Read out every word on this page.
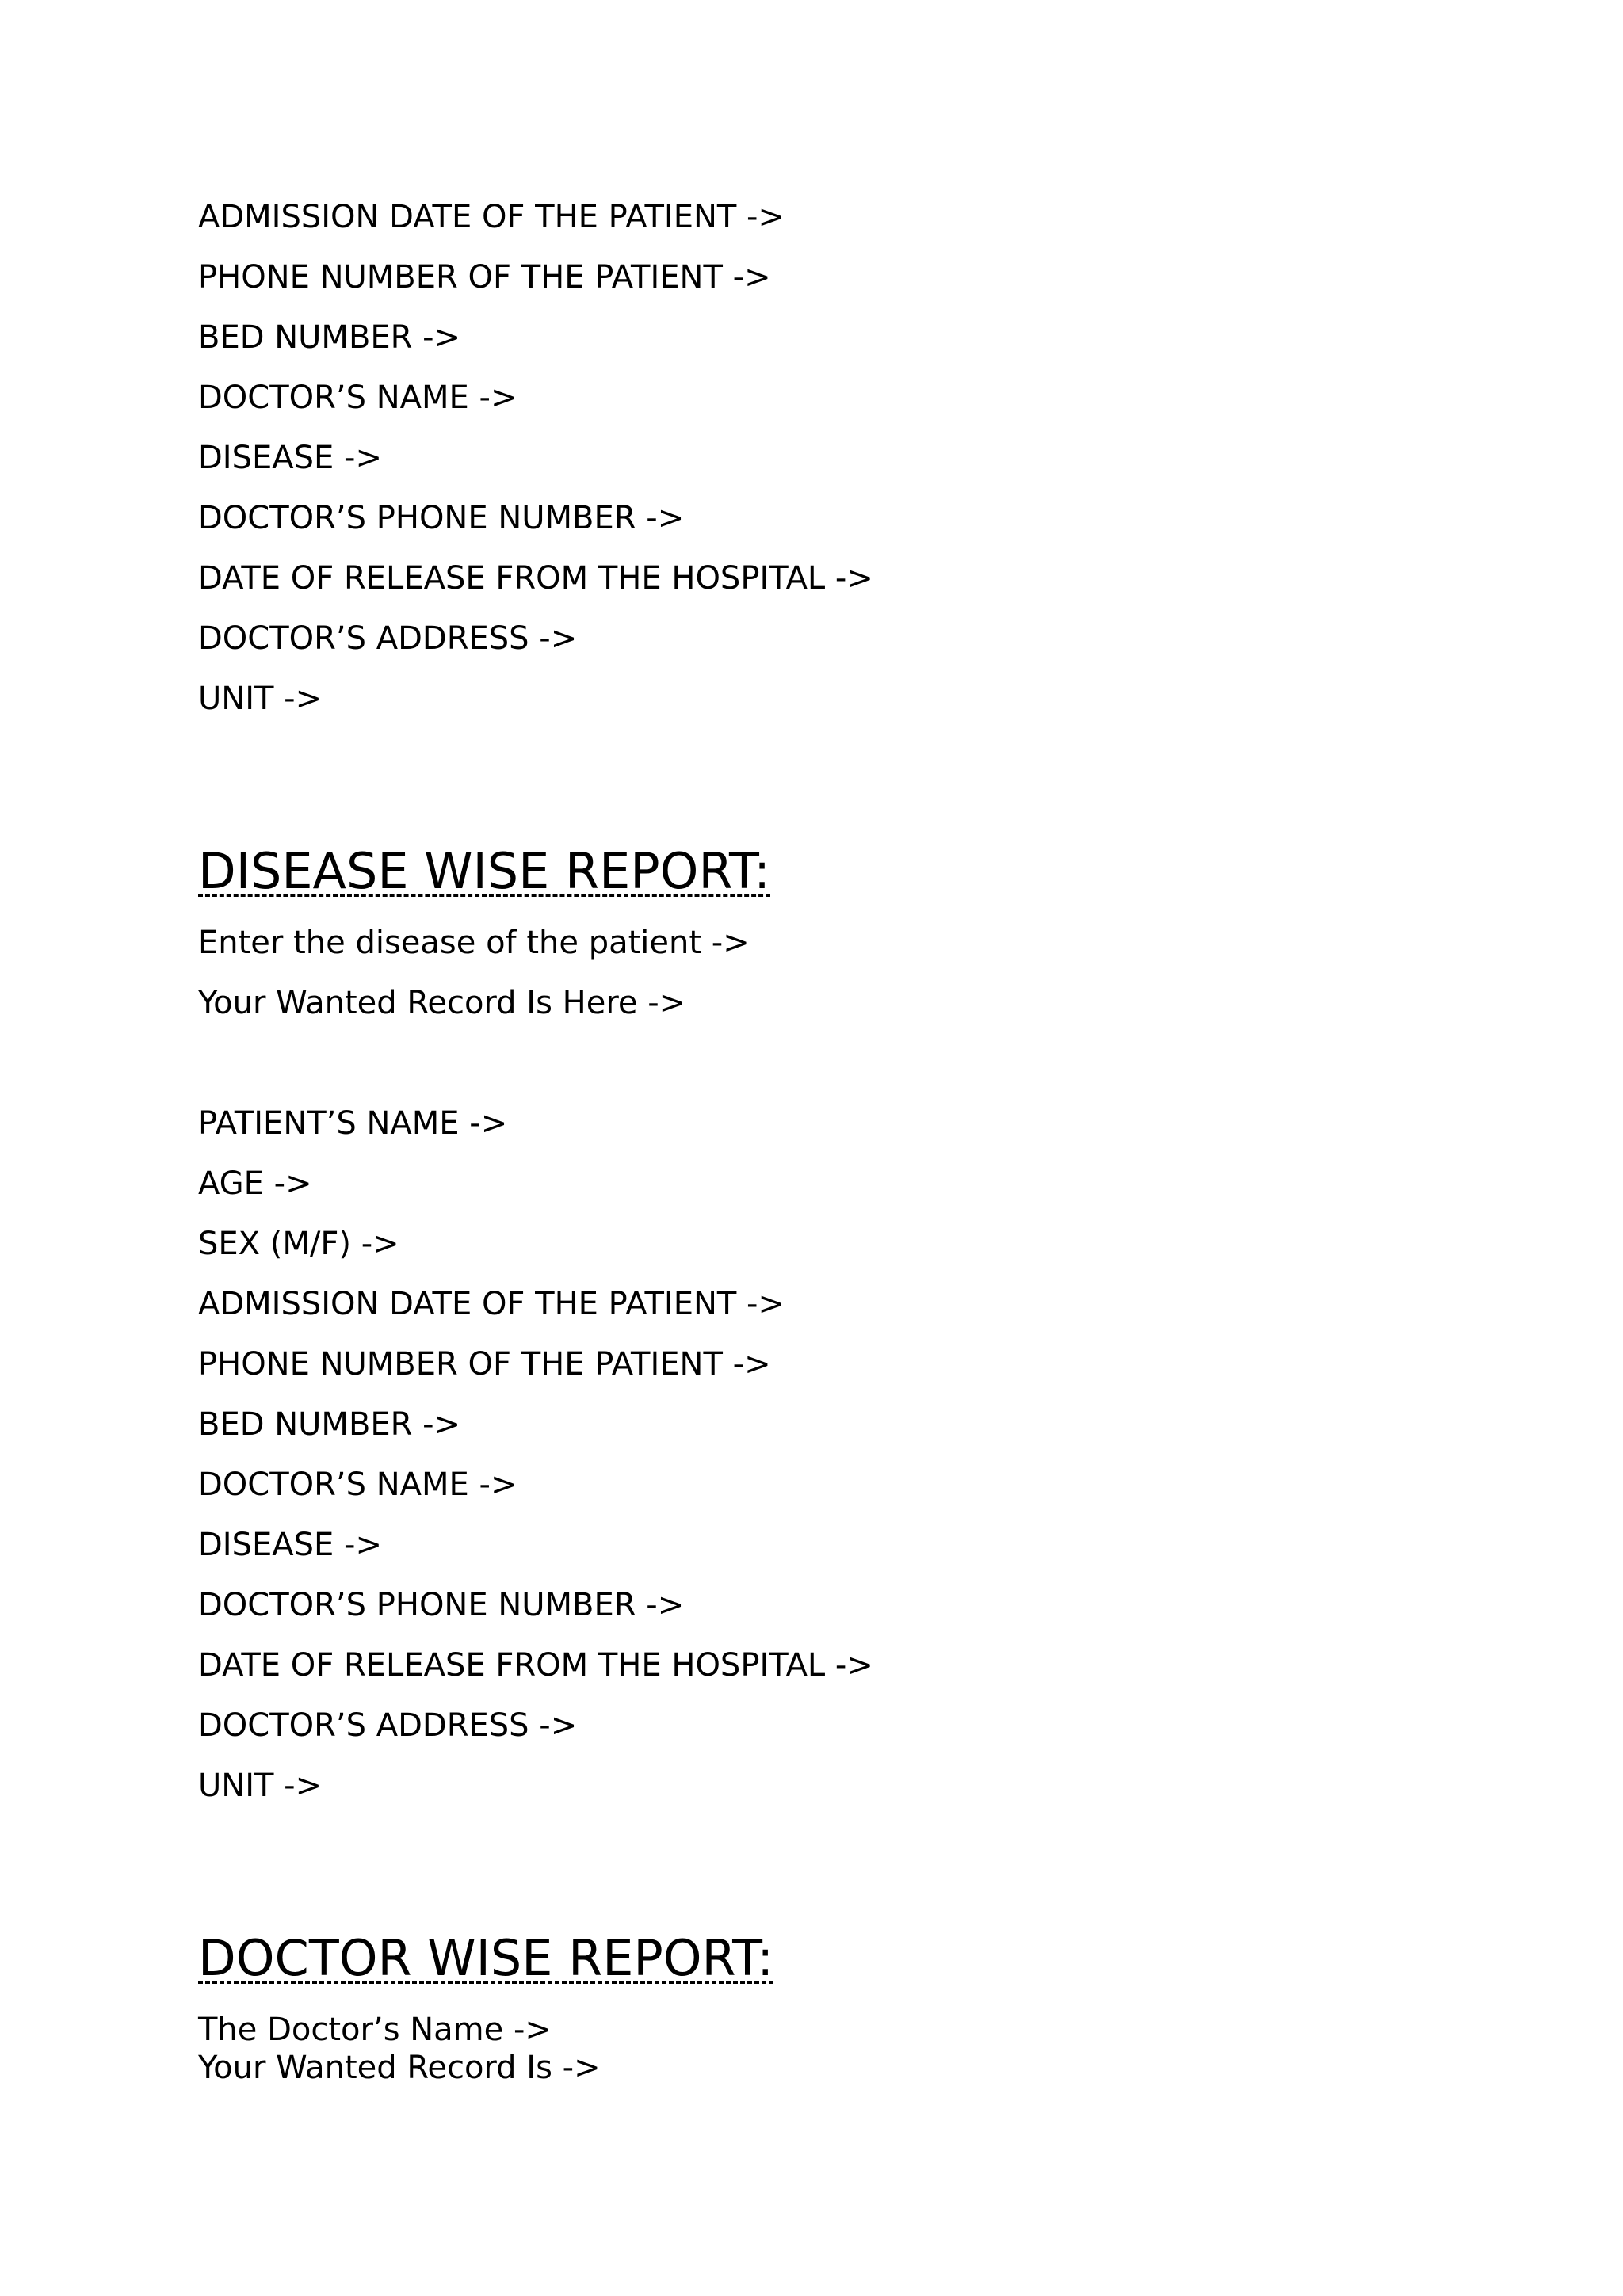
ADMISSION DATE OF THE PATIENT ->

PHONE NUMBER OF THE PATIENT ->

BED NUMBER ->

DOCTOR’S NAME ->

DISEASE ->

DOCTOR’S PHONE NUMBER ->

DATE OF RELEASE FROM THE HOSPITAL ->

DOCTOR’S ADDRESS ->

UNIT ->

DISEASE WISE REPORT:

Enter the disease of the patient ->

Your Wanted Record Is Here ->

PATIENT’S NAME ->

AGE ->

SEX (M/F) ->

ADMISSION DATE OF THE PATIENT ->

PHONE NUMBER OF THE PATIENT ->

BED NUMBER ->

DOCTOR’S NAME ->

DISEASE ->

DOCTOR’S PHONE NUMBER ->

DATE OF RELEASE FROM THE HOSPITAL ->

DOCTOR’S ADDRESS ->

UNIT ->

DOCTOR WISE REPORT:

The Doctor’s Name ->

Your Wanted Record Is ->
